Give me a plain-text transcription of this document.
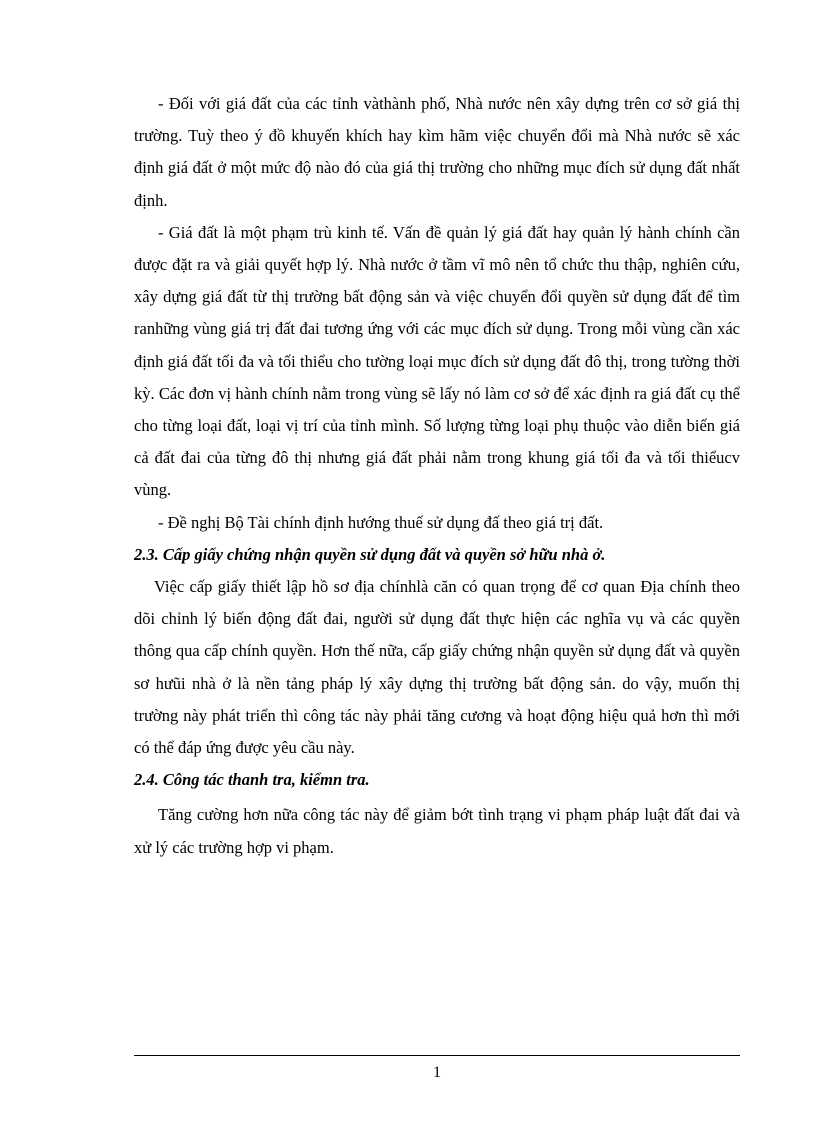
- Đối với giá đất của các tỉnh vàthành phố, Nhà nước nên xây dựng trên cơ sở giá thị trường. Tuỳ theo ý đồ khuyến khích hay kìm hãm việc chuyển đổi mà Nhà nước sẽ xác định giá đất ở một mức độ nào đó của giá thị trường cho những mục đích sử dụng đất nhất định.

- Giá đất là một phạm trù kinh tế. Vấn đề quản lý giá đất hay quản lý hành chính cần được đặt ra và giải quyết hợp lý. Nhà nước ở tầm vĩ mô nên tổ chức thu thập, nghiên cứu, xây dựng giá đất từ thị trường bất động sản và việc chuyển đổi quyền sử dụng đất để tìm ranhững vùng giá trị đất đai tương ứng với các mục đích sử dụng. Trong mỗi vùng cần xác định giá đất tối đa và tối thiểu cho tường loại mục đích sử dụng đất đô thị, trong tường thời kỳ. Các đơn vị hành chính nằm trong vùng sẽ lấy nó làm cơ sở để xác định ra giá đất cụ thể cho từng loại đất, loại vị trí của tỉnh mình. Số lượng từng loại phụ thuộc vào diễn biến giá cả đất đai của từng đô thị nhưng giá đất phải nằm trong khung giá tối đa và tối thiểucv vùng.

- Đề nghị Bộ Tài chính định hướng thuế sử dụng đấ theo giá trị đất.

2.3. Cấp giấy chứng nhận quyền sử dụng đất và quyền sở hữu nhà ở.

Việc cấp giấy thiết lập hồ sơ địa chínhlà căn có quan trọng để cơ quan Địa chính theo dõi chỉnh lý biến động đất đai, người sử dụng đất thực hiện các nghĩa vụ và các quyền thông qua cấp chính quyền. Hơn thế nữa, cấp giấy chứng nhận quyền sử dụng đất và quyền sơ hưũi nhà ở là nền tảng pháp lý xây dựng thị trường bất động sản. do vậy, muốn thị trường này phát triển thì công tác này phải tăng cương và hoạt động hiệu quả hơn thì mới có thể đáp ứng được yêu cầu này.

2.4. Công tác thanh tra, kiểmn tra.

Tăng cường hơn nữa công tác này để giảm bớt tình trạng vi phạm pháp luật đất đai và xử lý các trường hợp vi phạm.

1
